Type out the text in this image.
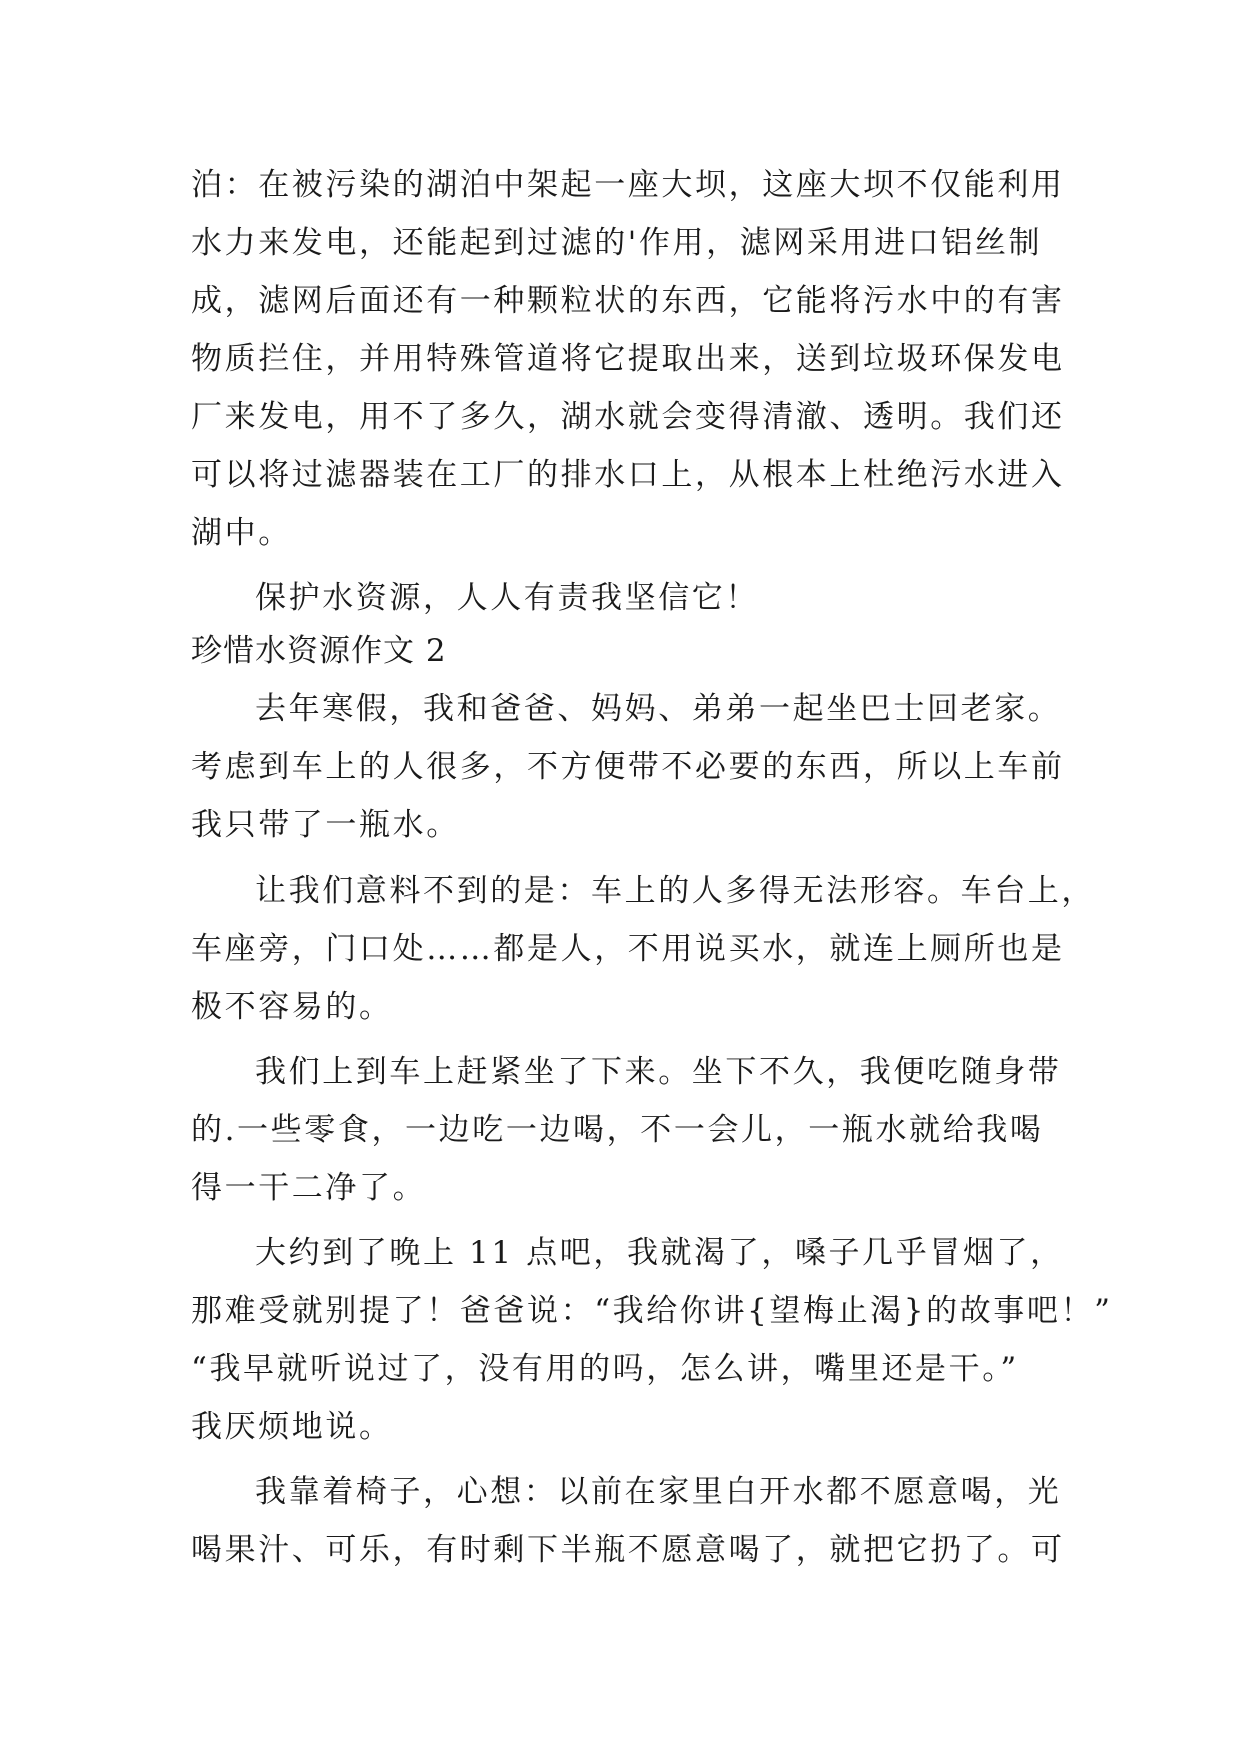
泊：在被污染的湖泊中架起一座大坝，这座大坝不仅能利用
水力来发电，还能起到过滤的'作用，滤网采用进口铝丝制
成，滤网后面还有一种颗粒状的东西，它能将污水中的有害
物质拦住，并用特殊管道将它提取出来，送到垃圾环保发电
厂来发电，用不了多久，湖水就会变得清澈、透明。我们还
可以将过滤器装在工厂的排水口上，从根本上杜绝污水进入
湖中。
保护水资源，人人有责我坚信它！
珍惜水资源作文 2
去年寒假，我和爸爸、妈妈、弟弟一起坐巴士回老家。
考虑到车上的人很多，不方便带不必要的东西，所以上车前
我只带了一瓶水。
让我们意料不到的是：车上的人多得无法形容。车台上，
车座旁，门口处……都是人，不用说买水，就连上厕所也是
极不容易的。
我们上到车上赶紧坐了下来。坐下不久，我便吃随身带
的.一些零食，一边吃一边喝，不一会儿，一瓶水就给我喝
得一干二净了。
大约到了晚上 11 点吧，我就渴了，嗓子几乎冒烟了，
那难受就别提了！爸爸说：“我给你讲{望梅止渴}的故事吧！”
“我早就听说过了，没有用的吗，怎么讲，嘴里还是干。”
我厌烦地说。
我靠着椅子，心想：以前在家里白开水都不愿意喝，光
喝果汁、可乐，有时剩下半瓶不愿意喝了，就把它扔了。可
